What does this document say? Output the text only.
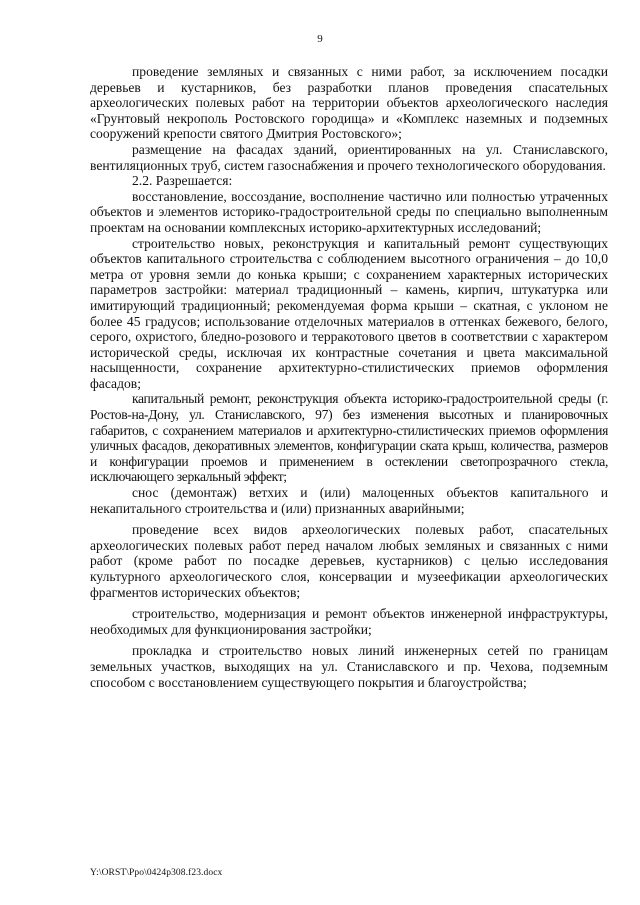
9

проведение земляных и связанных с ними работ, за исключением посадки деревьев и кустарников, без разработки планов проведения спасательных археологических полевых работ на территории объектов археологического наследия «Грунтовый некрополь Ростовского городища» и «Комплекс наземных и подземных сооружений крепости святого Дмитрия Ростовского»;

размещение на фасадах зданий, ориентированных на ул. Станиславского, вентиляционных труб, систем газоснабжения и прочего технологического оборудования.

2.2. Разрешается:

восстановление, воссоздание, восполнение частично или полностью утраченных объектов и элементов историко-градостроительной среды по специально выполненным проектам на основании комплексных историко-архитектурных исследований;

строительство новых, реконструкция и капитальный ремонт существующих объектов капитального строительства с соблюдением высотного ограничения – до 10,0 метра от уровня земли до конька крыши; с сохранением характерных исторических параметров застройки: материал традиционный – камень, кирпич, штукатурка или имитирующий традиционный; рекомендуемая форма крыши – скатная, с уклоном не более 45 градусов; использование отделочных материалов в оттенках бежевого, белого, серого, охристого, бледно-розового и терракотового цветов в соответствии с характером исторической среды, исключая их контрастные сочетания и цвета максимальной насыщенности, сохранение архитектурно-стилистических приемов оформления фасадов;

капитальный ремонт, реконструкция объекта историко-градостроительной среды (г. Ростов-на-Дону, ул. Станиславского, 97) без изменения высотных и планировочных габаритов, с сохранением материалов и архитектурно-стилистических приемов оформления уличных фасадов, декоративных элементов, конфигурации ската крыш, количества, размеров и конфигурации проемов и применением в остеклении светопрозрачного стекла, исключающего зеркальный эффект;

снос (демонтаж) ветхих и (или) малоценных объектов капитального и некапитального строительства и (или) признанных аварийными;

проведение всех видов археологических полевых работ, спасательных археологических полевых работ перед началом любых земляных и связанных с ними работ (кроме работ по посадке деревьев, кустарников) с целью исследования культурного археологического слоя, консервации и музеефикации археологических фрагментов исторических объектов;

строительство, модернизация и ремонт объектов инженерной инфраструктуры, необходимых для функционирования застройки;

прокладка и строительство новых линий инженерных сетей по границам земельных участков, выходящих на ул. Станиславского и пр. Чехова, подземным способом с восстановлением существующего покрытия и благоустройства;

Y:\ORST\Ppo\0424p308.f23.docx
